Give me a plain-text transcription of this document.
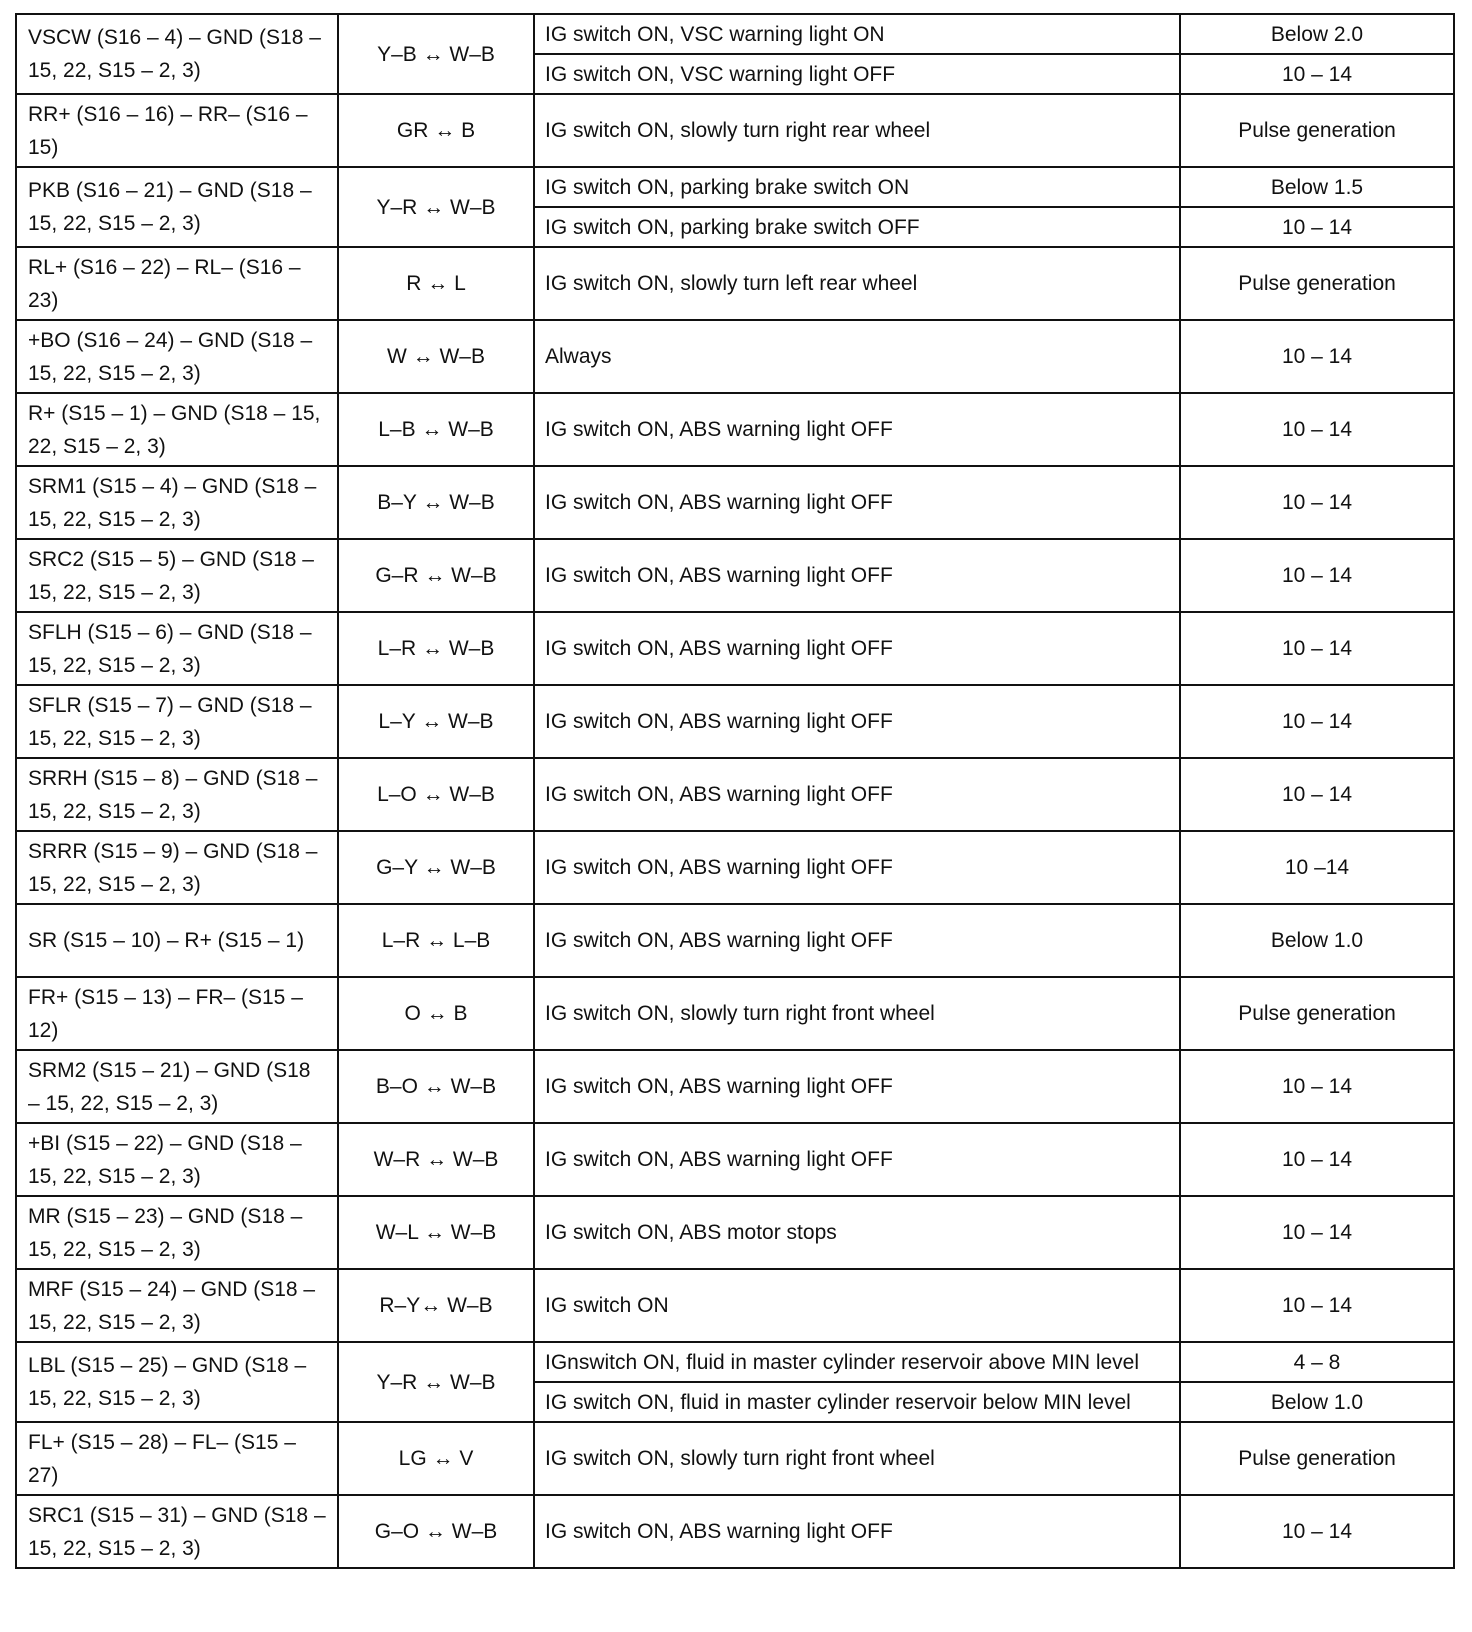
VSCW (S16 – 4) – GND (S18 – 15, 22, S15 – 2, 3)	Y–B ↔ W–B	IG switch ON, VSC warning light ON	Below 2.0
		IG switch ON, VSC warning light OFF	10 – 14
RR+ (S16 – 16) – RR– (S16 – 15)	GR ↔ B	IG switch ON, slowly turn right rear wheel	Pulse generation
PKB (S16 – 21) – GND (S18 – 15, 22, S15 – 2, 3)	Y–R ↔ W–B	IG switch ON, parking brake switch ON	Below 1.5
		IG switch ON, parking brake switch OFF	10 – 14
RL+ (S16 – 22) – RL– (S16 – 23)	R ↔ L	IG switch ON, slowly turn left rear wheel	Pulse generation
+BO (S16 – 24) – GND (S18 – 15, 22, S15 – 2, 3)	W ↔ W–B	Always	10 – 14
R+ (S15 – 1) – GND (S18 – 15, 22, S15 – 2, 3)	L–B ↔ W–B	IG switch ON, ABS warning light OFF	10 – 14
SRM1 (S15 – 4) – GND (S18 – 15, 22, S15 – 2, 3)	B–Y ↔ W–B	IG switch ON, ABS warning light OFF	10 – 14
SRC2 (S15 – 5) – GND (S18 – 15, 22, S15 – 2, 3)	G–R ↔ W–B	IG switch ON, ABS warning light OFF	10 – 14
SFLH (S15 – 6) – GND (S18 – 15, 22, S15 – 2, 3)	L–R ↔ W–B	IG switch ON, ABS warning light OFF	10 – 14
SFLR (S15 – 7) – GND (S18 – 15, 22, S15 – 2, 3)	L–Y ↔ W–B	IG switch ON, ABS warning light OFF	10 – 14
SRRH (S15 – 8) – GND (S18 – 15, 22, S15 – 2, 3)	L–O ↔ W–B	IG switch ON, ABS warning light OFF	10 – 14
SRRR (S15 – 9) – GND (S18 – 15, 22, S15 – 2, 3)	G–Y ↔ W–B	IG switch ON, ABS warning light OFF	10 –14
SR (S15 – 10) – R+ (S15 – 1)	L–R ↔ L–B	IG switch ON, ABS warning light OFF	Below 1.0
FR+ (S15 – 13) – FR– (S15 – 12)	O ↔ B	IG switch ON, slowly turn right front wheel	Pulse generation
SRM2 (S15 – 21) – GND (S18 – 15, 22, S15 – 2, 3)	B–O ↔ W–B	IG switch ON, ABS warning light OFF	10 – 14
+BI (S15 – 22) – GND (S18 – 15, 22, S15 – 2, 3)	W–R ↔ W–B	IG switch ON, ABS warning light OFF	10 – 14
MR (S15 – 23) – GND (S18 – 15, 22, S15 – 2, 3)	W–L ↔ W–B	IG switch ON, ABS motor stops	10 – 14
MRF (S15 – 24) – GND (S18 – 15, 22, S15 – 2, 3)	R–Y↔ W–B	IG switch ON	10 – 14
LBL (S15 – 25) – GND (S18 – 15, 22, S15 – 2, 3)	Y–R ↔ W–B	IGnswitch ON, fluid in master cylinder reservoir above MIN level	4 – 8
		IG switch ON, fluid in master cylinder reservoir below MIN level	Below 1.0
FL+ (S15 – 28) – FL– (S15 – 27)	LG ↔ V	IG switch ON, slowly turn right front wheel	Pulse generation
SRC1 (S15 – 31) – GND (S18 – 15, 22, S15 – 2, 3)	G–O ↔ W–B	IG switch ON, ABS warning light OFF	10 – 14
